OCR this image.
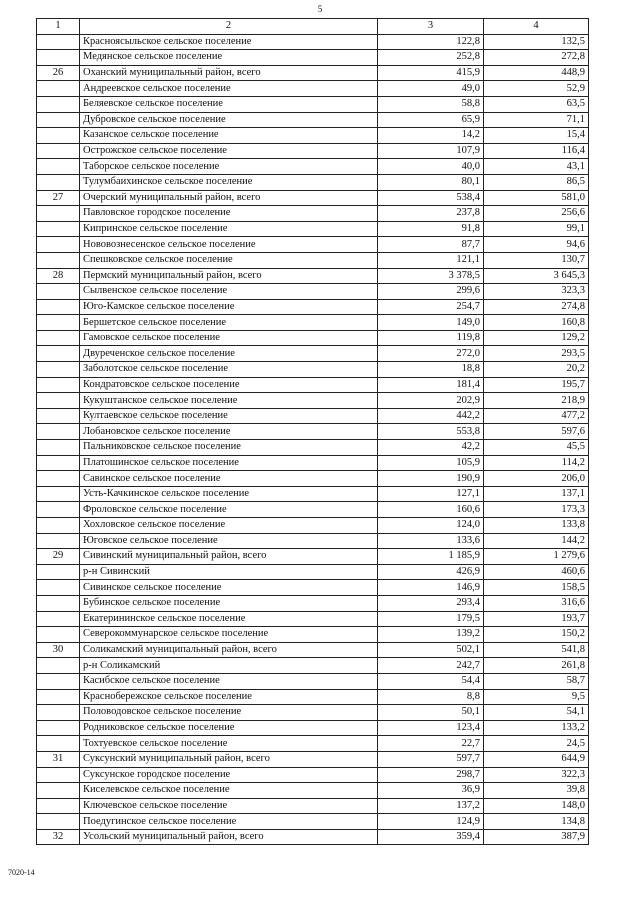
5
1	2	3	4
	Красноясыльское сельское поселение	122,8	132,5
	Медянское сельское поселение	252,8	272,8
26	Оханский муниципальный район, всего	415,9	448,9
	Андреевское сельское поселение	49,0	52,9
	Беляевское сельское поселение	58,8	63,5
	Дубровское сельское поселение	65,9	71,1
	Казанское сельское поселение	14,2	15,4
	Острожское сельское поселение	107,9	116,4
	Таборское сельское поселение	40,0	43,1
	Тулумбаихинское сельское поселение	80,1	86,5
27	Очерский муниципальный район, всего	538,4	581,0
	Павловское городское поселение	237,8	256,6
	Кипринское сельское поселение	91,8	99,1
	Нововознесенское сельское поселение	87,7	94,6
	Спешковское сельское поселение	121,1	130,7
28	Пермский муниципальный район, всего	3 378,5	3 645,3
	Сылвенское сельское поселение	299,6	323,3
	Юго-Камское сельское поселение	254,7	274,8
	Бершетское сельское поселение	149,0	160,8
	Гамовское сельское поселение	119,8	129,2
	Двуреченское сельское поселение	272,0	293,5
	Заболотское сельское поселение	18,8	20,2
	Кондратовское сельское поселение	181,4	195,7
	Кукуштанское сельское поселение	202,9	218,9
	Култаевское сельское поселение	442,2	477,2
	Лобановское сельское поселение	553,8	597,6
	Пальниковское сельское поселение	42,2	45,5
	Платошинское сельское поселение	105,9	114,2
	Савинское сельское поселение	190,9	206,0
	Усть-Качкинское сельское поселение	127,1	137,1
	Фроловское сельское поселение	160,6	173,3
	Хохловское сельское поселение	124,0	133,8
	Юговское сельское поселение	133,6	144,2
29	Сивинский муниципальный район, всего	1 185,9	1 279,6
	р-н Сивинский	426,9	460,6
	Сивинское сельское поселение	146,9	158,5
	Бубинское сельское поселение	293,4	316,6
	Екатерининское сельское поселение	179,5	193,7
	Северокоммунарское сельское поселение	139,2	150,2
30	Соликамский муниципальный район, всего	502,1	541,8
	р-н Соликамский	242,7	261,8
	Касибское сельское поселение	54,4	58,7
	Краснобережское сельское поселение	8,8	9,5
	Половодовское сельское поселение	50,1	54,1
	Родниковское сельское поселение	123,4	133,2
	Тохтуевское сельское поселение	22,7	24,5
31	Суксунский муниципальный район, всего	597,7	644,9
	Суксунское городское поселение	298,7	322,3
	Киселевское сельское поселение	36,9	39,8
	Ключевское сельское поселение	137,2	148,0
	Поедугинское сельское поселение	124,9	134,8
32	Усольский муниципальный район, всего	359,4	387,9
7020-14
